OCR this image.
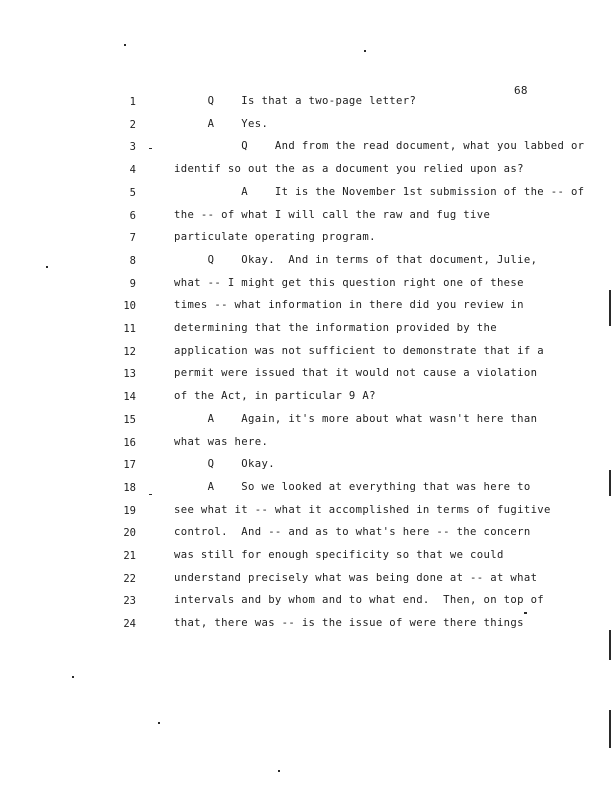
68
1	Q    Is that a two-page letter?
2	A    Yes.
3	Q    And from the read document, what you labbed or
4	identif so out the as a document you relied upon as?
5	A    It is the November 1st submission of the -- of
6	the -- of what I will call the raw and fug tive
7	particulate operating program.
8	Q    Okay.  And in terms of that document, Julie,
9	what -- I might get this question right one of these
10	times -- what information in there did you review in
11	determining that the information provided by the
12	application was not sufficient to demonstrate that if a
13	permit were issued that it would not cause a violation
14	of the Act, in particular 9 A?
15	A    Again, it's more about what wasn't here than
16	what was here.
17	Q    Okay.
18	A    So we looked at everything that was here to
19	see what it -- what it accomplished in terms of fugitive
20	control.  And -- and as to what's here -- the concern
21	was still for enough specificity so that we could
22	understand precisely what was being done at -- at what
23	intervals and by whom and to what end.  Then, on top of
24	that, there was -- is the issue of were there things
